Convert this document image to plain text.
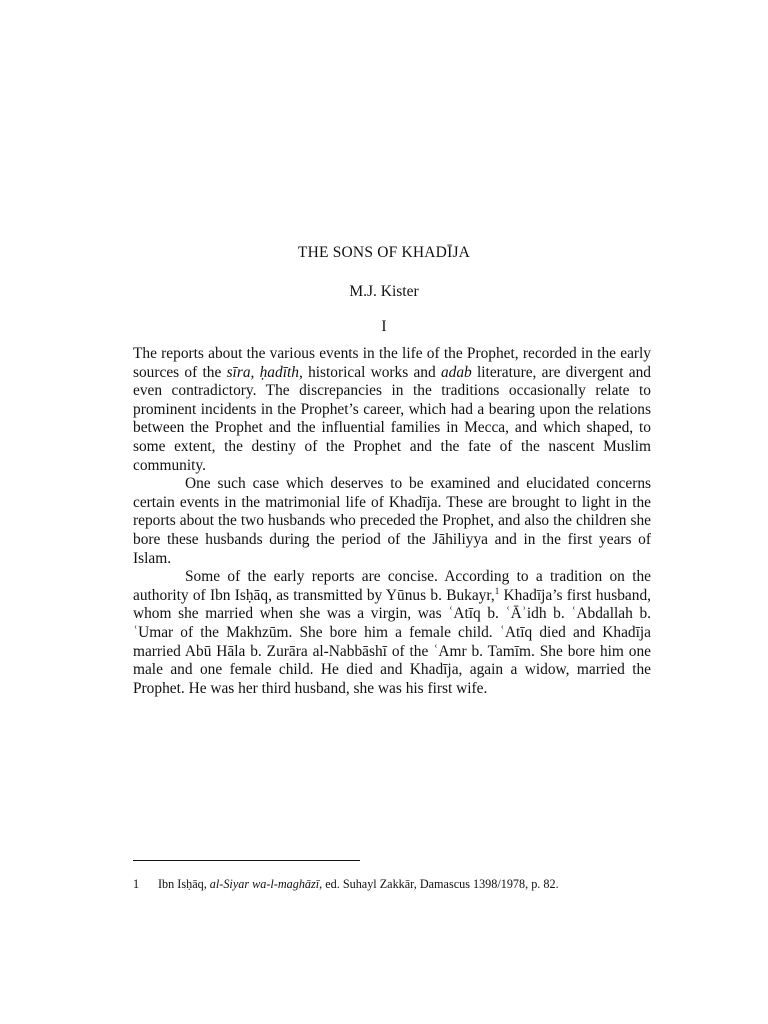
THE SONS OF KHADĪJA
M.J. Kister
I

The reports about the various events in the life of the Prophet, recorded in the early sources of the sīra, ḥadīth, historical works and adab literature, are divergent and even contradictory. The discrepancies in the traditions occasionally relate to prominent incidents in the Prophet’s career, which had a bearing upon the relations between the Prophet and the influential families in Mecca, and which shaped, to some extent, the destiny of the Prophet and the fate of the nascent Muslim community.

One such case which deserves to be examined and elucidated concerns certain events in the matrimonial life of Khadīja. These are brought to light in the reports about the two husbands who preceded the Prophet, and also the children she bore these husbands during the period of the Jāhiliyya and in the first years of Islam.

Some of the early reports are concise. According to a tradition on the authority of Ibn Isḥāq, as transmitted by Yūnus b. Bukayr,$^1$ Khadīja’s first husband, whom she married when she was a virgin, was ʿAtīq b. ʿĀʾidh b. ʿAbdallah b. ʿUmar of the Makhzūm. She bore him a female child. ʿAtīq died and Khadīja married Abū Hāla b. Zurāra al-Nabbāshī of the ʿAmr b. Tamīm. She bore him one male and one female child. He died and Khadīja, again a widow, married the Prophet. He was her third husband, she was his first wife.

1 Ibn Isḥāq, al-Siyar wa-l-maghāzī, ed. Suhayl Zakkār, Damascus 1398/1978, p. 82.
